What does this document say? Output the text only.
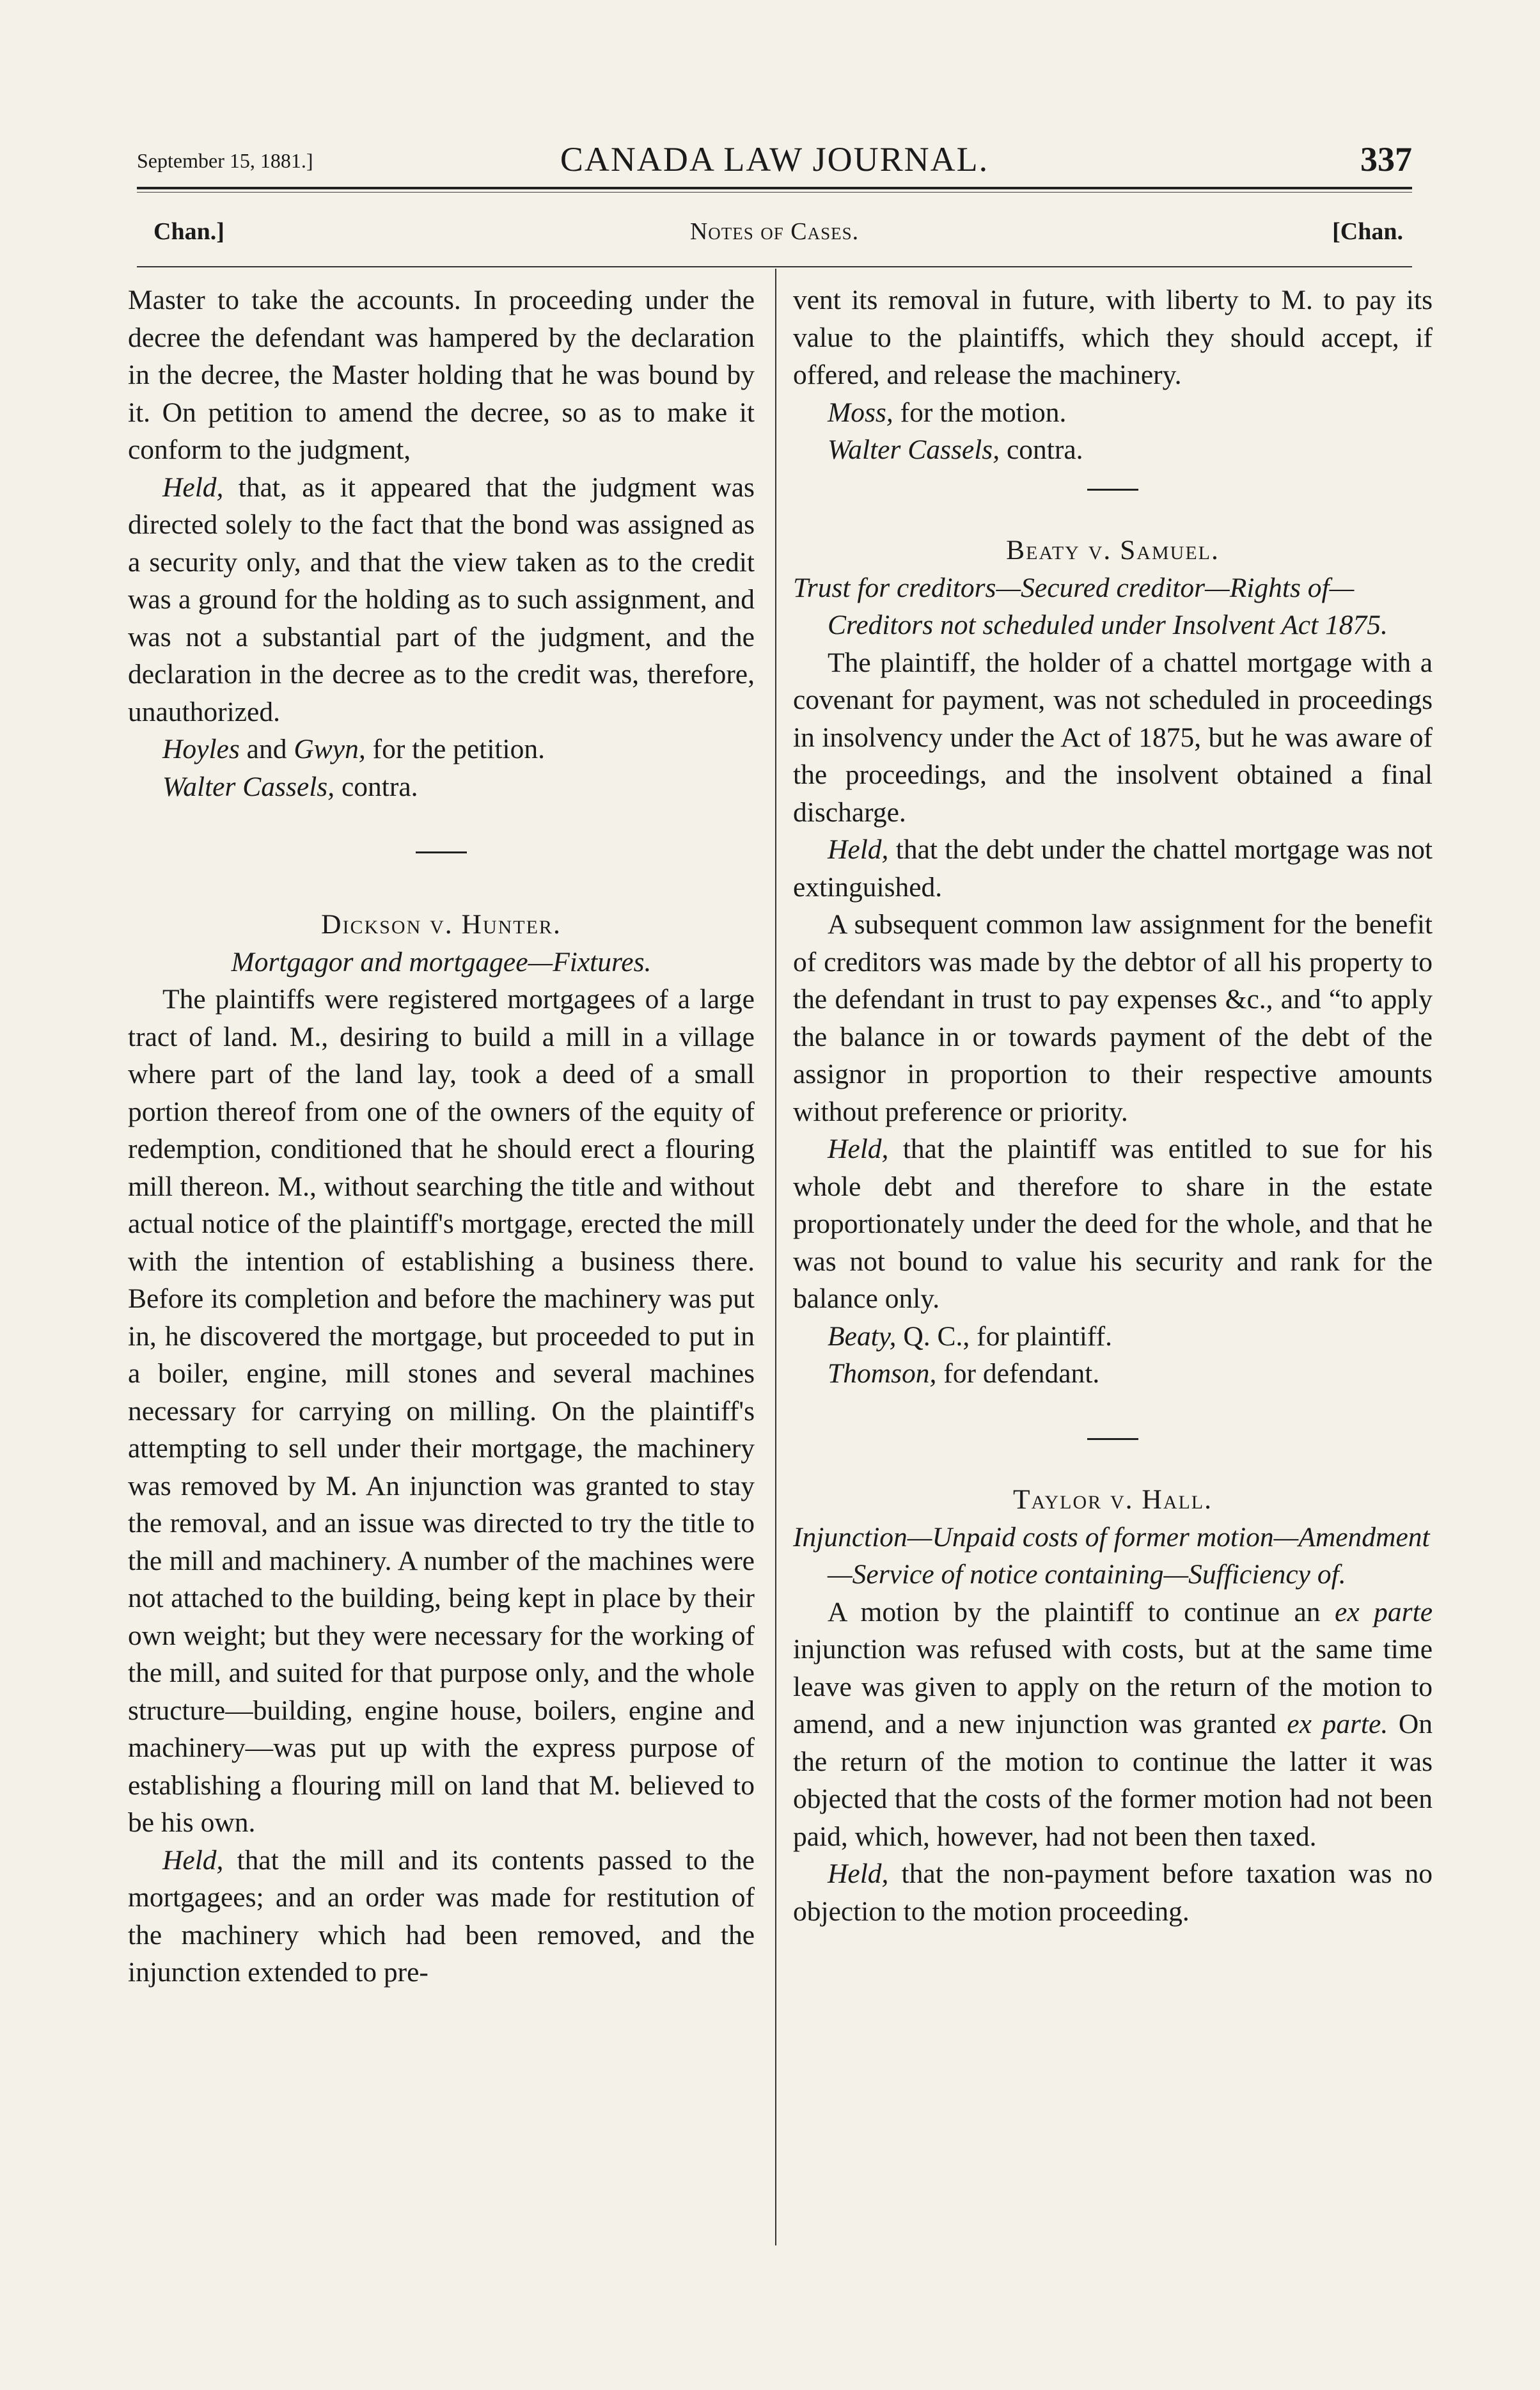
September 15, 1881.]	CANADA LAW JOURNAL.	337
Chan.]	Notes of Cases.	[Chan.

Master to take the accounts. In proceeding under the decree the defendant was hampered by the declaration in the decree, the Master holding that he was bound by it. On petition to amend the decree, so as to make it conform to the judgment,

Held, that, as it appeared that the judgment was directed solely to the fact that the bond was assigned as a security only, and that the view taken as to the credit was a ground for the holding as to such assignment, and was not a substantial part of the judgment, and the declaration in the decree as to the credit was, therefore, unauthorized.

Hoyles and Gwyn, for the petition.

Walter Cassels, contra.

Dickson v. Hunter.

Mortgagor and mortgagee—Fixtures.

The plaintiffs were registered mortgagees of a large tract of land. M., desiring to build a mill in a village where part of the land lay, took a deed of a small portion thereof from one of the owners of the equity of redemption, conditioned that he should erect a flouring mill thereon. M., without searching the title and without actual notice of the plaintiff's mortgage, erected the mill with the intention of establishing a business there. Before its completion and before the machinery was put in, he discovered the mortgage, but proceeded to put in a boiler, engine, mill stones and several machines necessary for carrying on milling. On the plaintiff's attempting to sell under their mortgage, the machinery was removed by M. An injunction was granted to stay the removal, and an issue was directed to try the title to the mill and machinery. A number of the machines were not attached to the building, being kept in place by their own weight; but they were necessary for the working of the mill, and suited for that purpose only, and the whole structure—building, engine house, boilers, engine and machinery—was put up with the express purpose of establishing a flouring mill on land that M. believed to be his own.

Held, that the mill and its contents passed to the mortgagees; and an order was made for restitution of the machinery which had been removed, and the injunction extended to pre-

vent its removal in future, with liberty to M. to pay its value to the plaintiffs, which they should accept, if offered, and release the machinery.

Moss, for the motion.

Walter Cassels, contra.

Beaty v. Samuel.

Trust for creditors—Secured creditor—Rights of—Creditors not scheduled under Insolvent Act 1875.

The plaintiff, the holder of a chattel mortgage with a covenant for payment, was not scheduled in proceedings in insolvency under the Act of 1875, but he was aware of the proceedings, and the insolvent obtained a final discharge.

Held, that the debt under the chattel mortgage was not extinguished.

A subsequent common law assignment for the benefit of creditors was made by the debtor of all his property to the defendant in trust to pay expenses &c., and “to apply the balance in or towards payment of the debt of the assignor in proportion to their respective amounts without preference or priority.

Held, that the plaintiff was entitled to sue for his whole debt and therefore to share in the estate proportionately under the deed for the whole, and that he was not bound to value his security and rank for the balance only.

Beaty, Q. C., for plaintiff.

Thomson, for defendant.

Taylor v. Hall.

Injunction—Unpaid costs of former motion—Amendment—Service of notice containing—Sufficiency of.

A motion by the plaintiff to continue an ex parte injunction was refused with costs, but at the same time leave was given to apply on the return of the motion to amend, and a new injunction was granted ex parte. On the return of the motion to continue the latter it was objected that the costs of the former motion had not been paid, which, however, had not been then taxed.

Held, that the non-payment before taxation was no objection to the motion proceeding.
